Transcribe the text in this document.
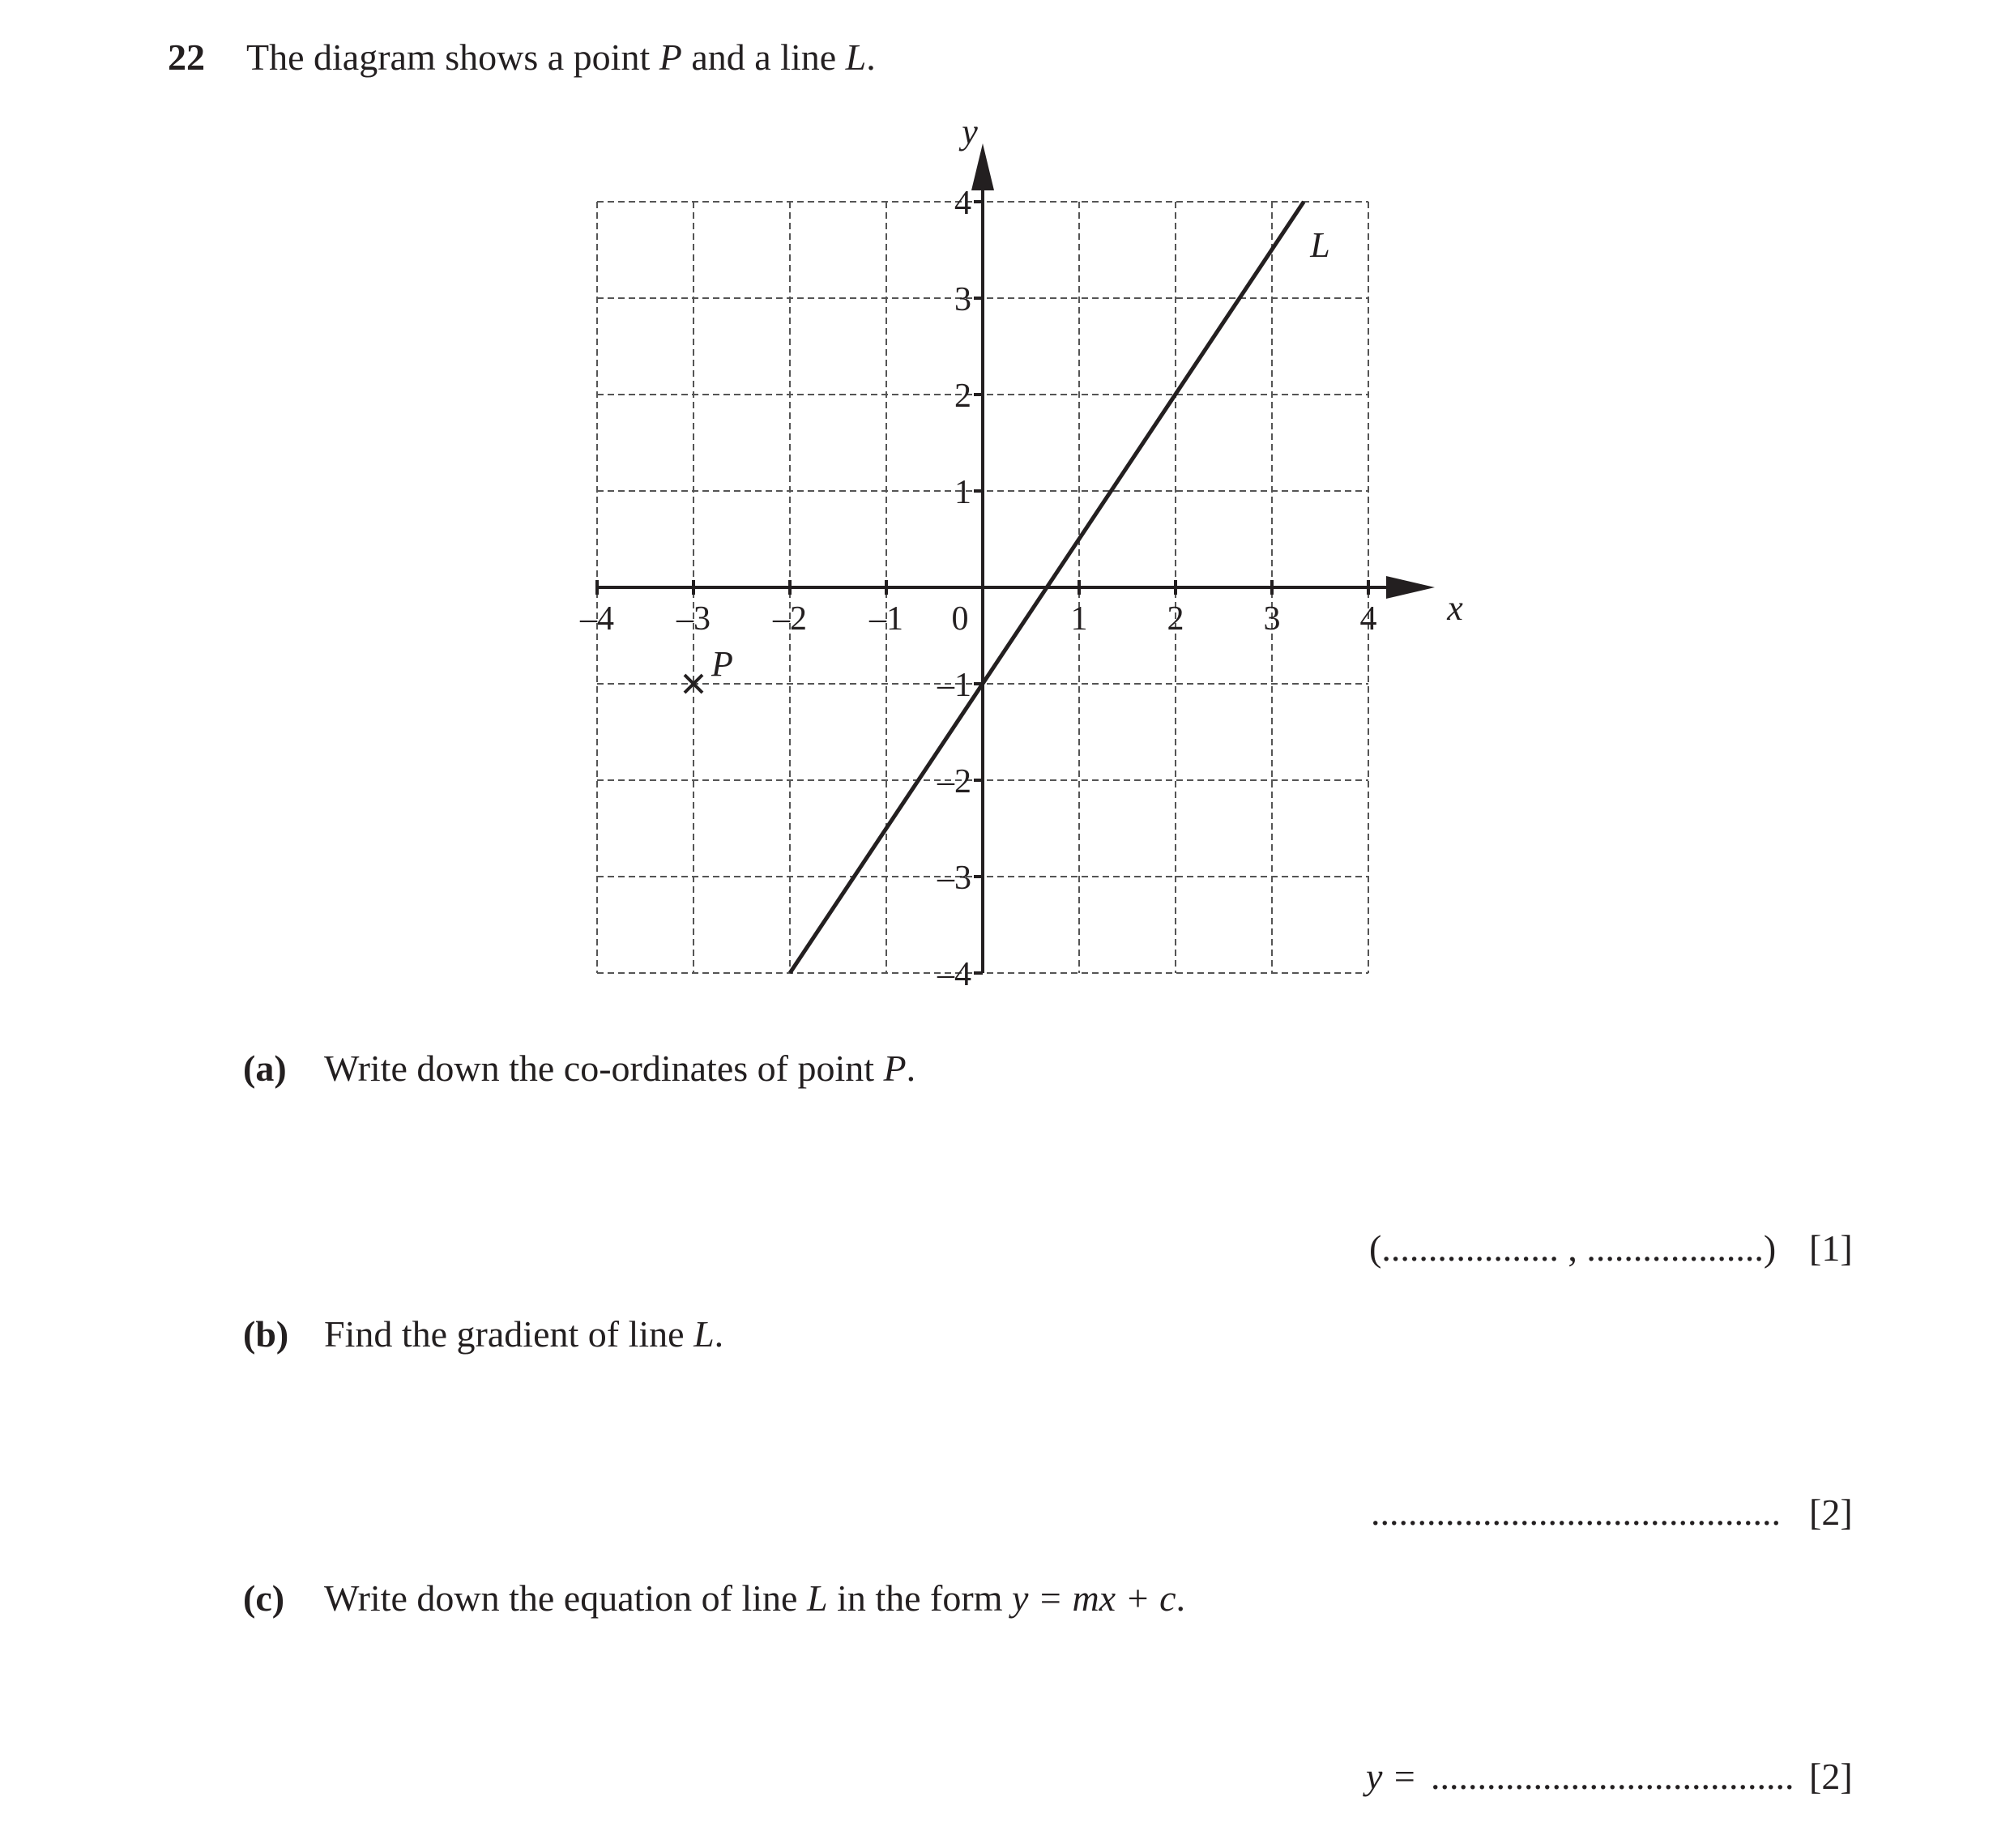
22 The diagram shows a point P and a line L.
x
y
–4 –3 –2 –1 0	1 2 3 4
–4
–3
–2
–1
1
2
3
4
L
P
(a) Write down the co-ordinates of point P.
(................... , ...................) [1]
(b) Find the gradient of line L.
............................................ [2]
(c) Write down the equation of line L in the form y = mx + c.
y = ....................................... [2]
